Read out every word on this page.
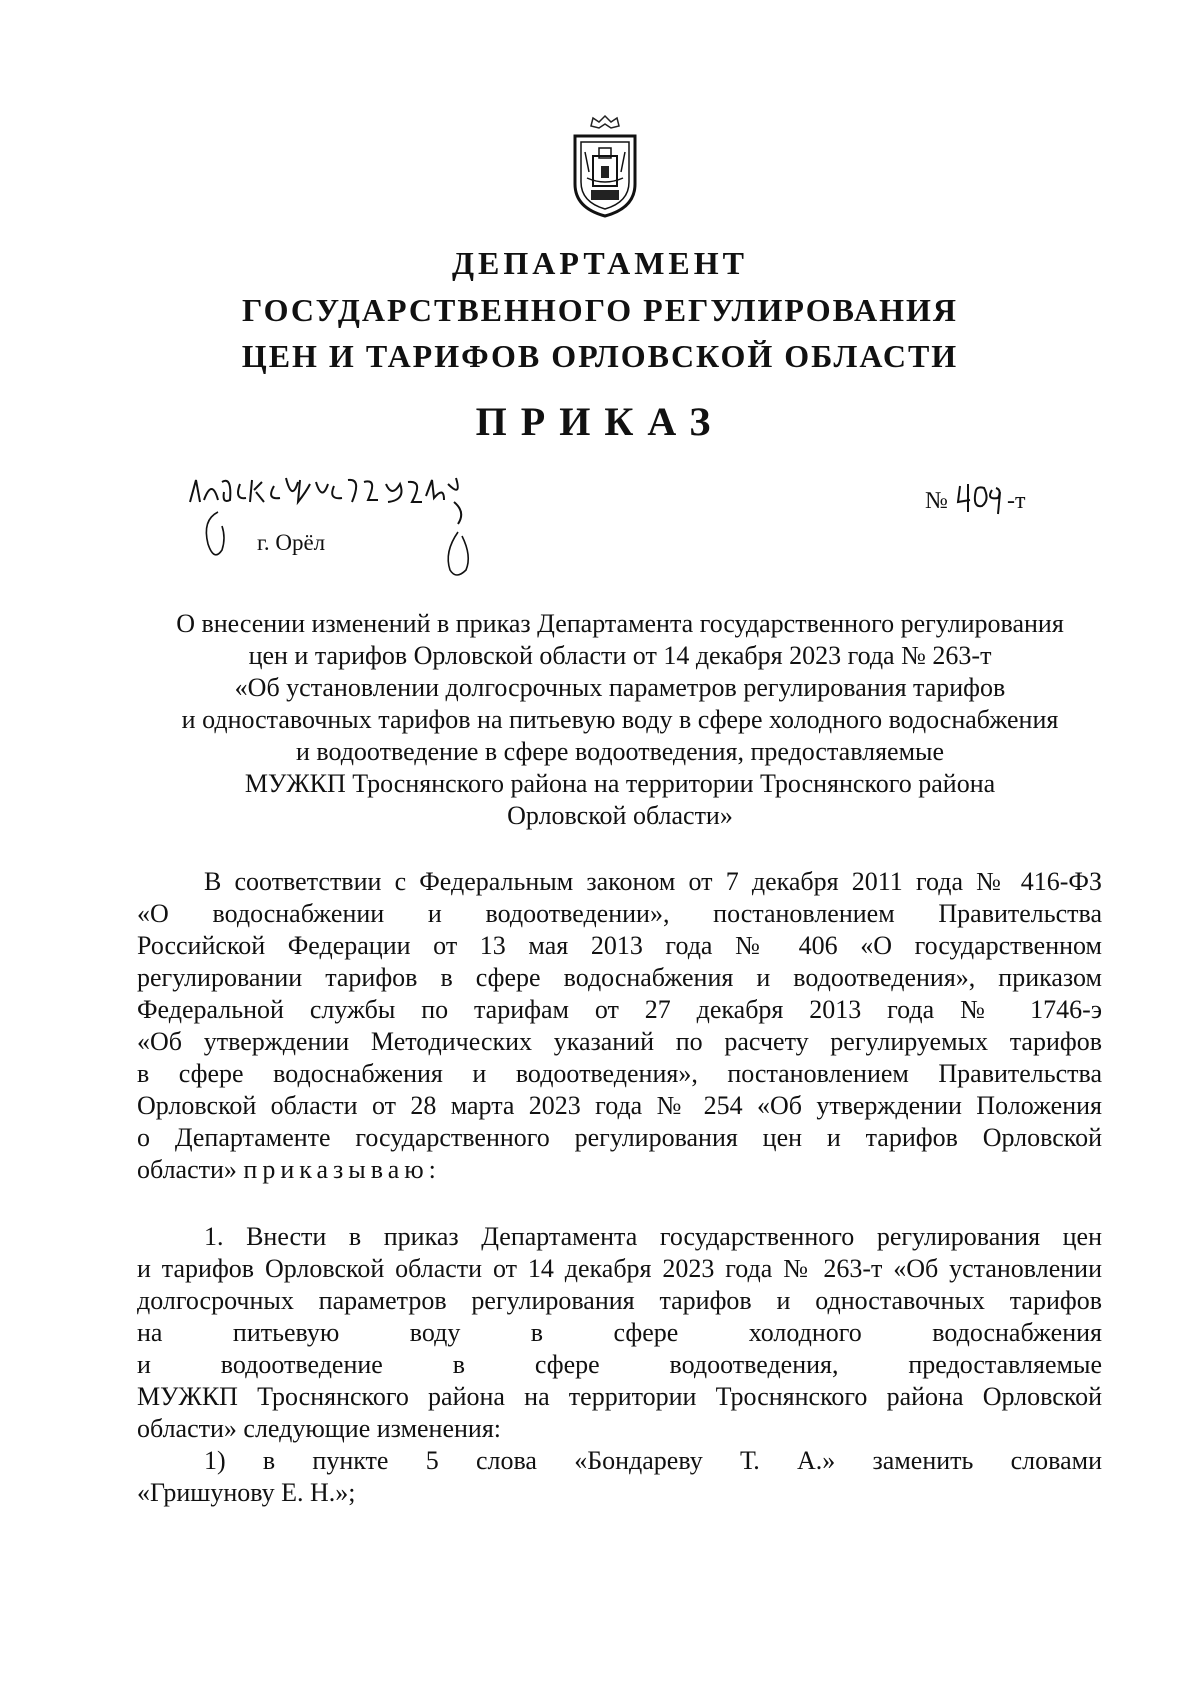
ДЕПАРТАМЕНТ
ГОСУДАРСТВЕННОГО РЕГУЛИРОВАНИЯ
ЦЕН И ТАРИФОВ ОРЛОВСКОЙ ОБЛАСТИ
ПРИКАЗ
г. Орёл
№ -т
О внесении изменений в приказ Департамента государственного регулирования
цен и тарифов Орловской области от 14 декабря 2023 года № 263-т
«Об установлении долгосрочных параметров регулирования тарифов
и одноставочных тарифов на питьевую воду в сфере холодного водоснабжения
и водоотведение в сфере водоотведения, предоставляемые
МУЖКП Троснянского района на территории Троснянского района
Орловской области»
В соответствии с Федеральным законом от 7 декабря 2011 года № 416-ФЗ
«О водоснабжении и водоотведении», постановлением Правительства
Российской Федерации от 13 мая 2013 года № 406 «О государственном
регулировании тарифов в сфере водоснабжения и водоотведения», приказом
Федеральной службы по тарифам от 27 декабря 2013 года № 1746-э
«Об утверждении Методических указаний по расчету регулируемых тарифов
в сфере водоснабжения и водоотведения», постановлением Правительства
Орловской области от 28 марта 2023 года № 254 «Об утверждении Положения
о Департаменте государственного регулирования цен и тарифов Орловской
области» приказываю:
1. Внести в приказ Департамента государственного регулирования цен
и тарифов Орловской области от 14 декабря 2023 года № 263-т «Об установлении
долгосрочных параметров регулирования тарифов и одноставочных тарифов
на питьевую воду в сфере холодного водоснабжения
и водоотведение в сфере водоотведения, предоставляемые
МУЖКП Троснянского района на территории Троснянского района Орловской
области» следующие изменения:
1) в пункте 5 слова «Бондареву Т. А.» заменить словами
«Гришунову Е. Н.»;
